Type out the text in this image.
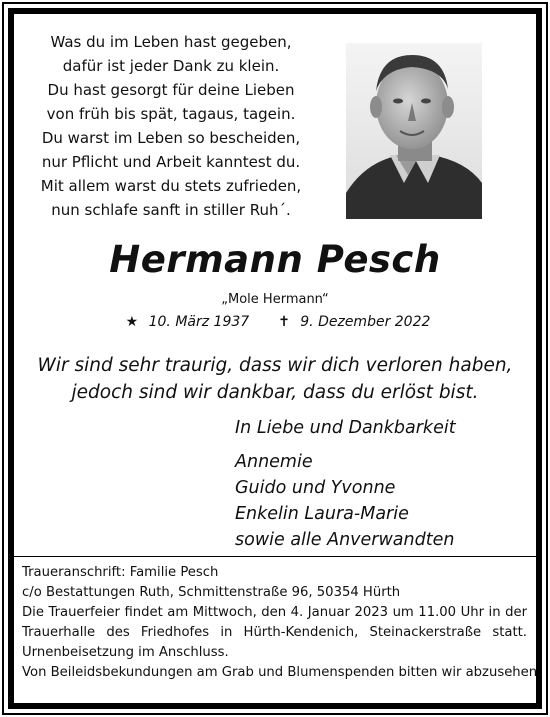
Was du im Leben hast gegeben,
dafür ist jeder Dank zu klein.
Du hast gesorgt für deine Lieben
von früh bis spät, tagaus, tagein.
Du warst im Leben so bescheiden,
nur Pflicht und Arbeit kanntest du.
Mit allem warst du stets zufrieden,
nun schlafe sanft in stiller Ruh´.
Hermann Pesch
„Mole Hermann“
★ 10. März 1937 ✝ 9. Dezember 2022
Wir sind sehr traurig, dass wir dich verloren haben,
jedoch sind wir dankbar, dass du erlöst bist.
In Liebe und Dankbarkeit
Annemie
Guido und Yvonne
Enkelin Laura-Marie
sowie alle Anverwandten
Traueranschrift: Familie Pesch
c/o Bestattungen Ruth, Schmittenstraße 96, 50354 Hürth
Die Trauerfeier findet am Mittwoch, den 4. Januar 2023 um 11.00 Uhr in der
Trauerhalle des Friedhofes in Hürth-Kendenich, Steinackerstraße statt.
Urnenbeisetzung im Anschluss.
Von Beileidsbekundungen am Grab und Blumenspenden bitten wir abzusehen.
